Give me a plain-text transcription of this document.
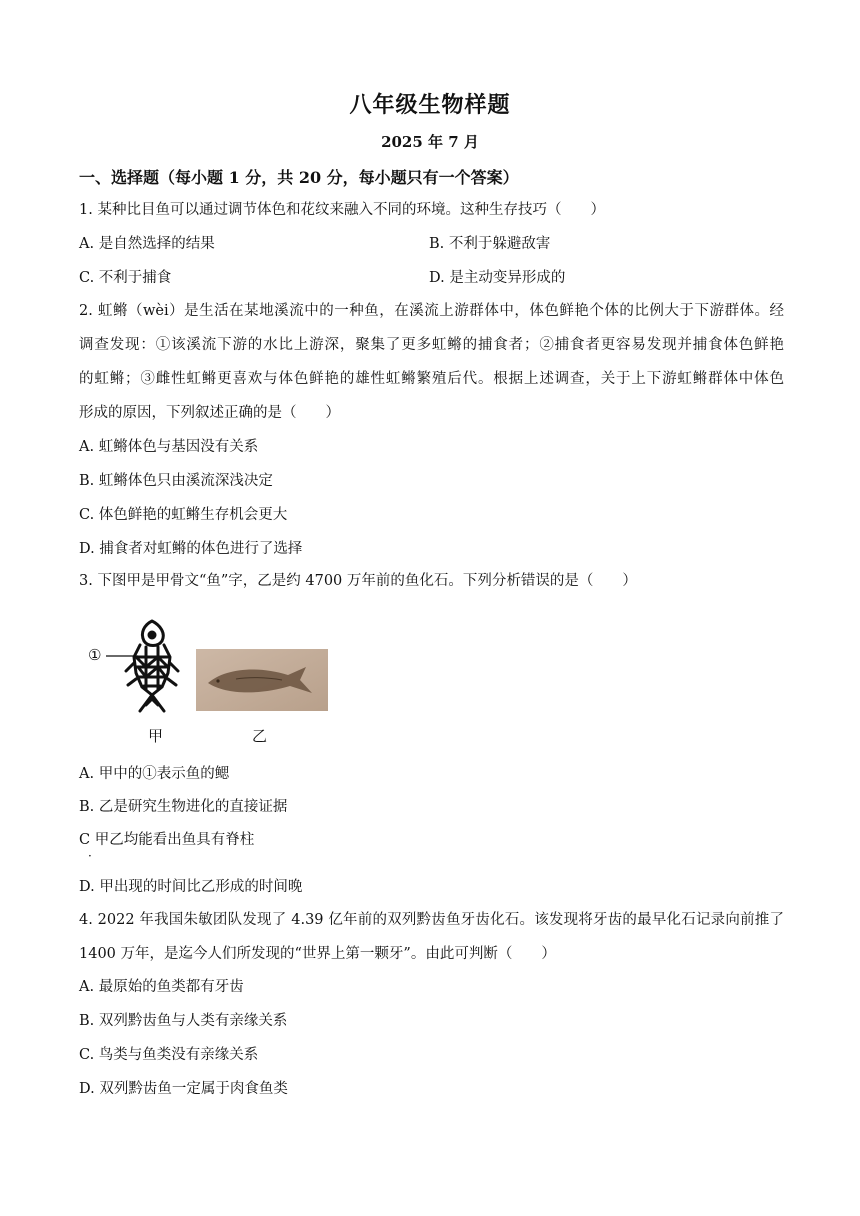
八年级生物样题
2025 年 7 月
一、选择题（每小题 1 分，共 20 分，每小题只有一个答案）
1. 某种比目鱼可以通过调节体色和花纹来融入不同的环境。这种生存技巧（　　）
A. 是自然选择的结果	B. 不利于躲避敌害
C. 不利于捕食	D. 是主动变异形成的
2. 虹鳉（wèi）是生活在某地溪流中的一种鱼，在溪流上游群体中，体色鲜艳个体的比例大于下游群体。经
调查发现：①该溪流下游的水比上游深，聚集了更多虹鳉的捕食者；②捕食者更容易发现并捕食体色鲜艳
的虹鳉；③雌性虹鳉更喜欢与体色鲜艳的雄性虹鳉繁殖后代。根据上述调查，关于上下游虹鳉群体中体色
形成的原因，下列叙述正确的是（　　）
A. 虹鳉体色与基因没有关系
B. 虹鳉体色只由溪流深浅决定
C. 体色鲜艳的虹鳉生存机会更大
D. 捕食者对虹鳉的体色进行了选择
3. 下图甲是甲骨文“鱼”字，乙是约 4700 万年前的鱼化石。下列分析错误的是（　　）
①
甲	乙
A. 甲中的①表示鱼的鳃
B. 乙是研究生物进化的直接证据
C 甲乙均能看出鱼具有脊柱
·
D. 甲出现的时间比乙形成的时间晚
4. 2022 年我国朱敏团队发现了 4.39 亿年前的双列黔齿鱼牙齿化石。该发现将牙齿的最早化石记录向前推了
1400 万年，是迄今人们所发现的“世界上第一颗牙”。由此可判断（　　）
A. 最原始的鱼类都有牙齿
B. 双列黔齿鱼与人类有亲缘关系
C. 鸟类与鱼类没有亲缘关系
D. 双列黔齿鱼一定属于肉食鱼类
